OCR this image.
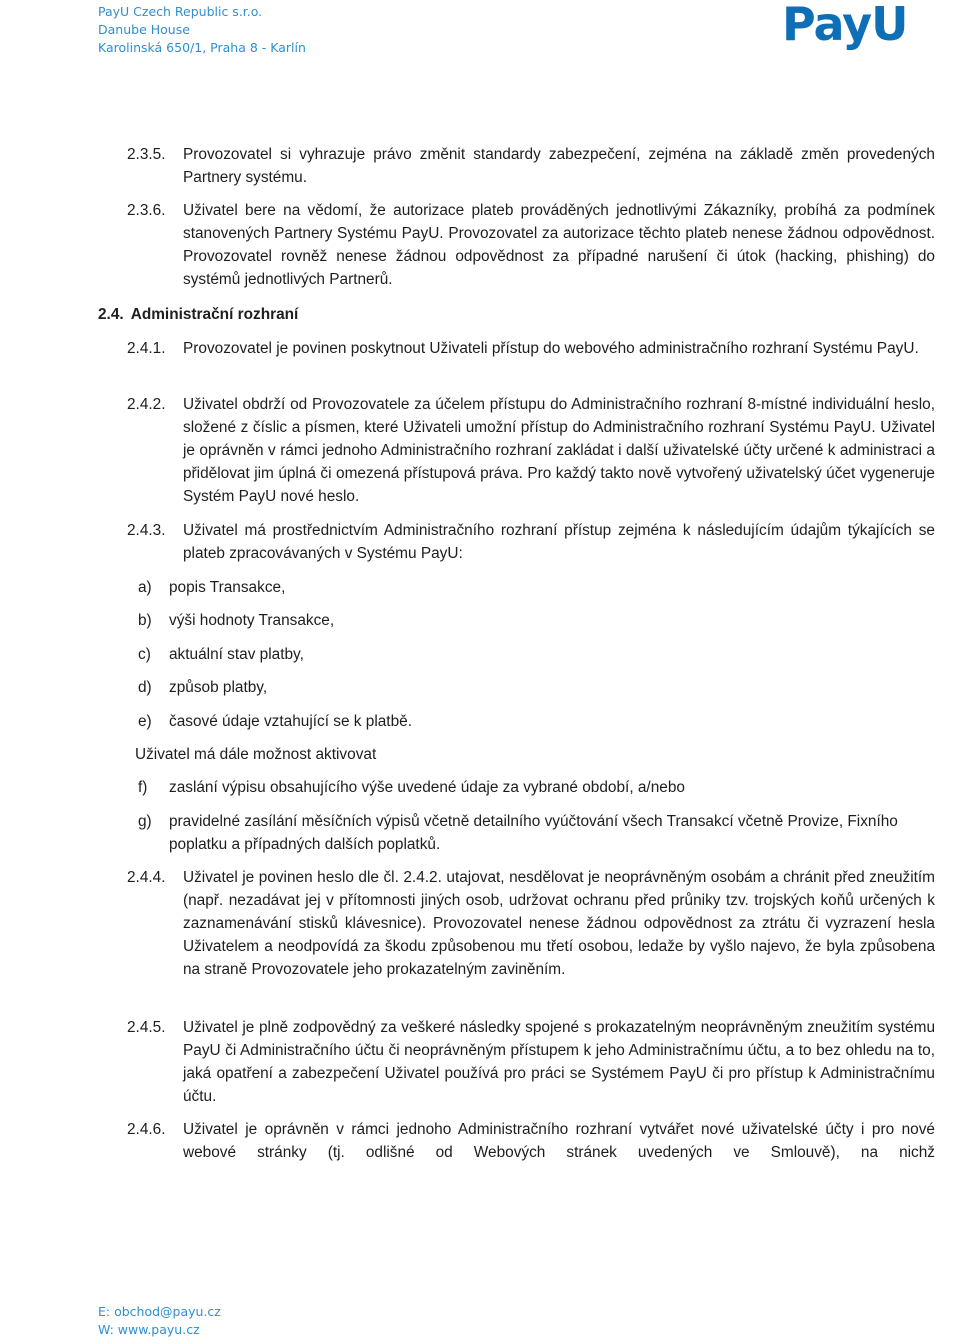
PayU Czech Republic s.r.o.
Danube House
Karolinská 650/1, Praha 8 - Karlín	PayU
2.3.5. Provozovatel si vyhrazuje právo změnit standardy zabezpečení, zejména na základě změn provedených Partnery systému.
2.3.6. Uživatel bere na vědomí, že autorizace plateb prováděných jednotlivými Zákazníky, probíhá za podmínek stanovených Partnery Systému PayU. Provozovatel za autorizace těchto plateb nenese žádnou odpovědnost. Provozovatel rovněž nenese žádnou odpovědnost za případné narušení či útok (hacking, phishing) do systémů jednotlivých Partnerů.
2.4. Administrační rozhraní
2.4.1. Provozovatel je povinen poskytnout Uživateli přístup do webového administračního rozhraní Systému PayU.
2.4.2. Uživatel obdrží od Provozovatele za účelem přístupu do Administračního rozhraní 8-místné individuální heslo, složené z číslic a písmen, které Uživateli umožní přístup do Administračního rozhraní Systému PayU. Uživatel je oprávněn v rámci jednoho Administračního rozhraní zakládat i další uživatelské účty určené k administraci a přidělovat jim úplná či omezená přístupová práva. Pro každý takto nově vytvořený uživatelský účet vygeneruje Systém PayU nové heslo.
2.4.3. Uživatel má prostřednictvím Administračního rozhraní přístup zejména k následujícím údajům týkajících se plateb zpracovávaných v Systému PayU:
a) popis Transakce,
b) výši hodnoty Transakce,
c) aktuální stav platby,
d) způsob platby,
e) časové údaje vztahující se k platbě.
Uživatel má dále možnost aktivovat
f) zaslání výpisu obsahujícího výše uvedené údaje za vybrané období, a/nebo
g) pravidelné zasílání měsíčních výpisů včetně detailního vyúčtování všech Transakcí včetně Provize, Fixního poplatku a případných dalších poplatků.
2.4.4. Uživatel je povinen heslo dle čl. 2.4.2. utajovat, nesdělovat je neoprávněným osobám a chránit před zneužitím (např. nezadávat jej v přítomnosti jiných osob, udržovat ochranu před průniky tzv. trojských koňů určených k zaznamenávání stisků klávesnice). Provozovatel nenese žádnou odpovědnost za ztrátu či vyzrazení hesla Uživatelem a neodpovídá za škodu způsobenou mu třetí osobou, ledaže by vyšlo najevo, že byla způsobena na straně Provozovatele jeho prokazatelným zaviněním.
2.4.5. Uživatel je plně zodpovědný za veškeré následky spojené s prokazatelným neoprávněným zneužitím systému PayU či Administračního účtu či neoprávněným přístupem k jeho Administračnímu účtu, a to bez ohledu na to, jaká opatření a zabezpečení Uživatel používá pro práci se Systémem PayU či pro přístup k Administračnímu účtu.
2.4.6. Uživatel je oprávněn v rámci jednoho Administračního rozhraní vytvářet nové uživatelské účty i pro nové webové stránky (tj. odlišné od Webových stránek uvedených ve Smlouvě), na nichž
E: obchod@payu.cz
W: www.payu.cz
